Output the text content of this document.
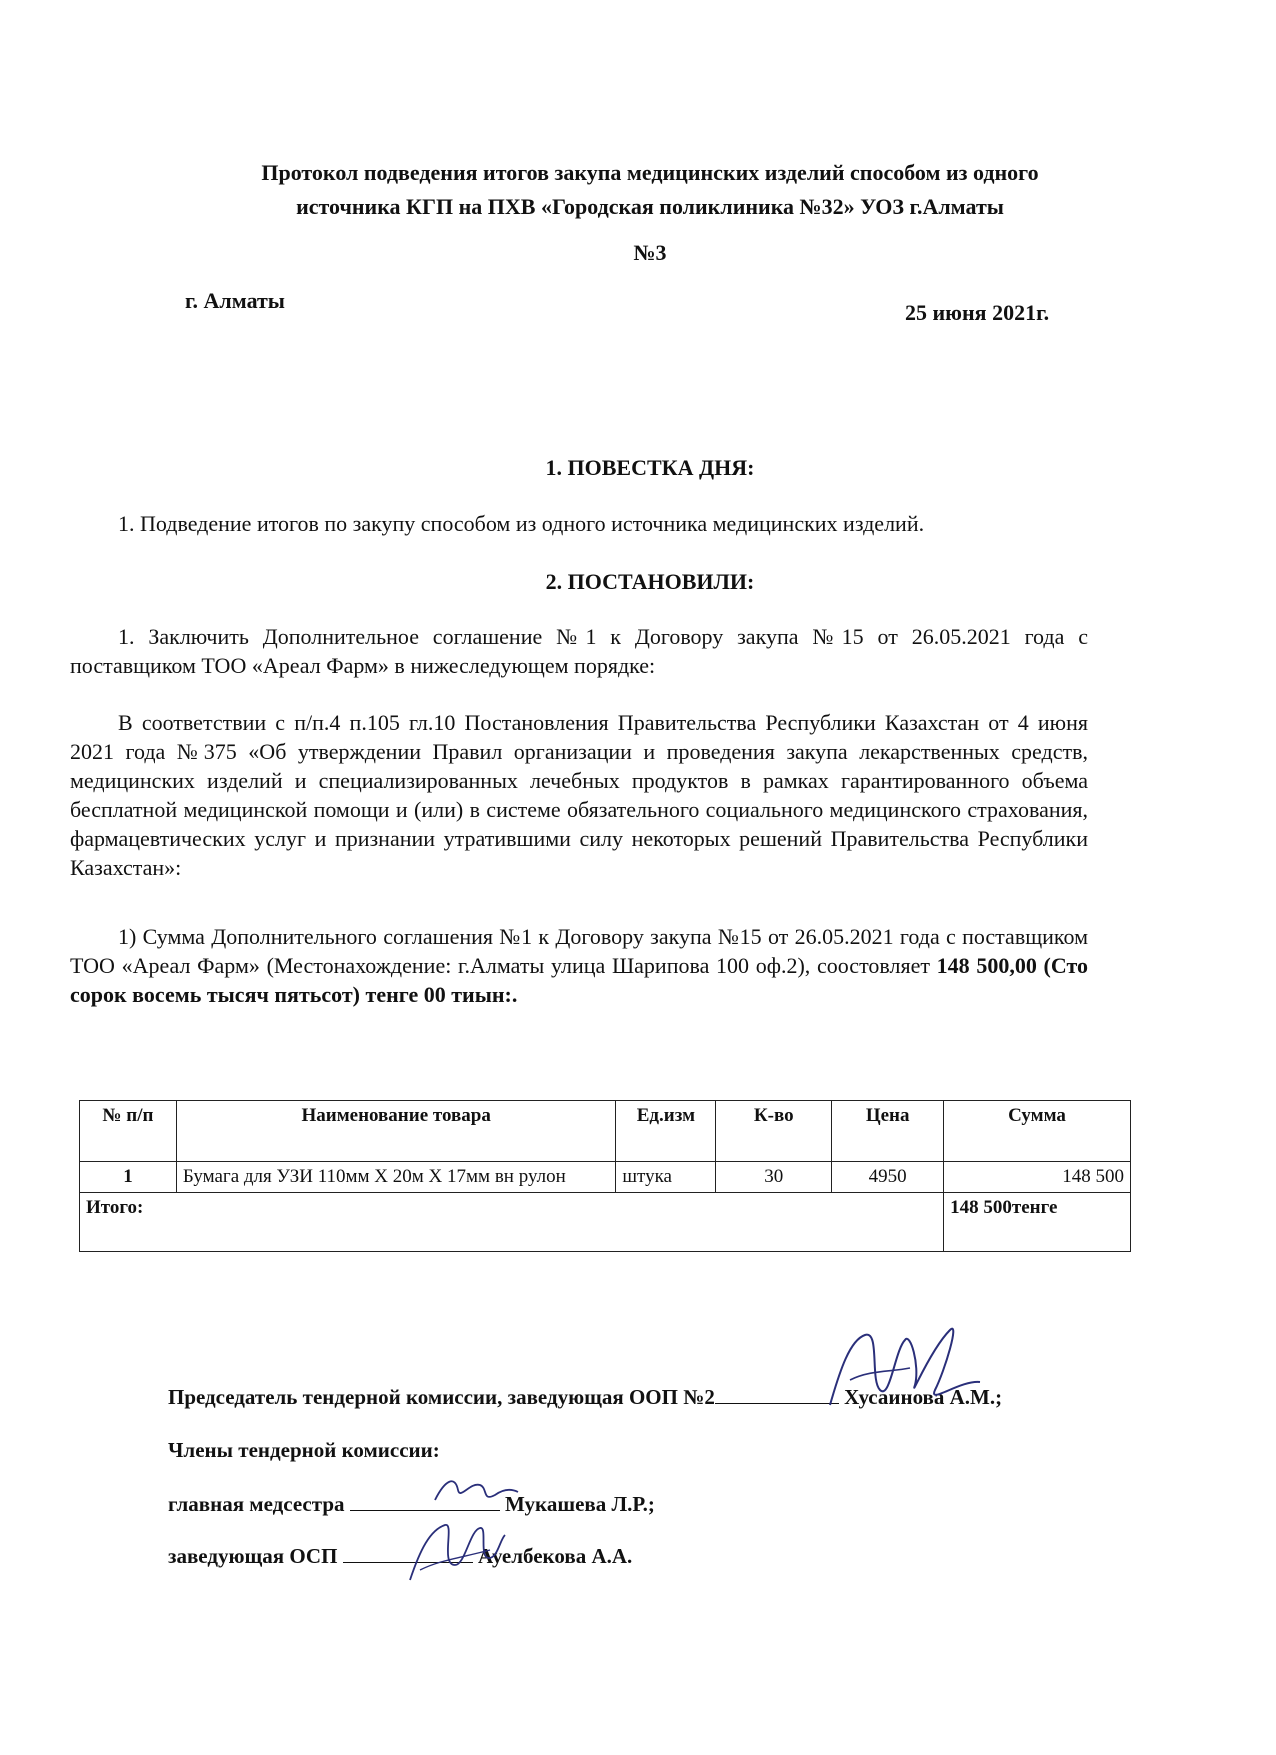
Протокол подведения итогов закупа медицинских изделий способом из одного
источника КГП на ПХВ «Городская поликлиника №32» УОЗ г.Алматы
№3
г. Алматы	25 июня 2021г.
1. ПОВЕСТКА ДНЯ:
1. Подведение итогов по закупу способом из одного источника медицинских изделий.
2. ПОСТАНОВИЛИ:
1. Заключить Дополнительное соглашение №1 к Договору закупа №15 от 26.05.2021 года с поставщиком ТОО «Ареал Фарм» в нижеследующем порядке:
В соответствии с п/п.4 п.105 гл.10 Постановления Правительства Республики Казахстан от 4 июня 2021 года №375 «Об утверждении Правил организации и проведения закупа лекарственных средств, медицинских изделий и специализированных лечебных продуктов в рамках гарантированного объема бесплатной медицинской помощи и (или) в системе обязательного социального медицинского страхования, фармацевтических услуг и признании утратившими силу некоторых решений Правительства Республики Казахстан»:
1) Сумма Дополнительного соглашения №1 к Договору закупа №15 от 26.05.2021 года с поставщиком ТОО «Ареал Фарм» (Местонахождение: г.Алматы улица Шарипова 100 оф.2), соостовляет 148 500,00 (Сто сорок восемь тысяч пятьсот) тенге 00 тиын:.
№ п/п	Наименование товара	Ед.изм	К-во	Цена	Сумма
1	Бумага для УЗИ 110мм Х 20м Х 17мм вн рулон	штука	30	4950	148 500
Итого:					148 500тенге
Председатель тендерной комиссии, заведующая ООП №2	Хусаинова А.М.;
Члены тендерной комиссии:
главная медсестра	Мукашева Л.Р.;
заведующая ОСП	Ауелбекова А.А.
